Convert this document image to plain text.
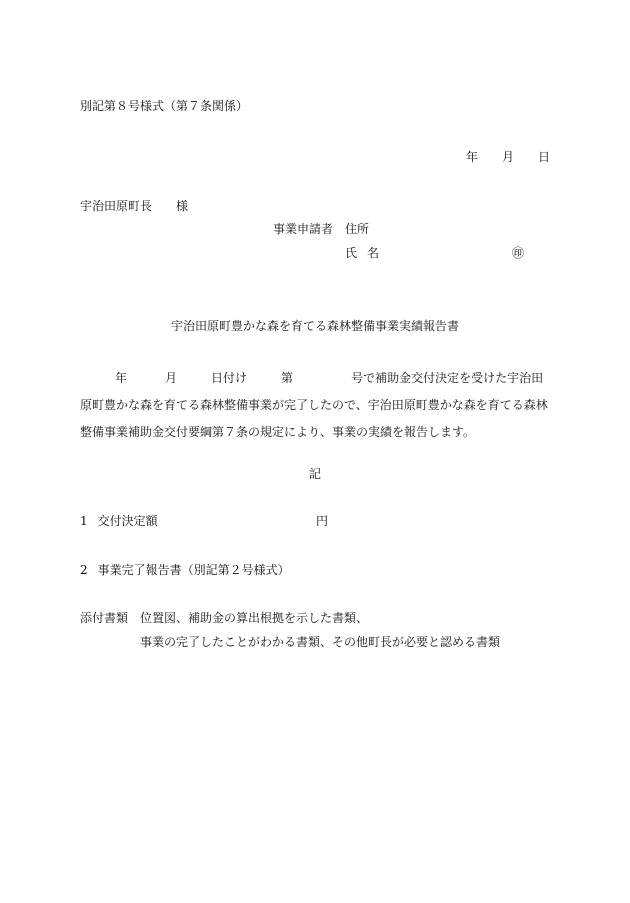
別記第８号様式（第７条関係）
年 月 日
宇治田原町長 様
事業申請者 住所
氏 名	㊞
宇治田原町豊かな森を育てる森林整備事業実績報告書
年	月	日付け	第	号で補助金交付決定を受けた宇治田
原町豊かな森を育てる森林整備事業が完了したので、宇治田原町豊かな森を育てる森林
整備事業補助金交付要綱第７条の規定により、事業の実績を報告します。
記
1 交付決定額	円
2 事業完了報告書（別記第２号様式）
添付書類 位置図、補助金の算出根拠を示した書類、
事業の完了したことがわかる書類、その他町長が必要と認める書類
